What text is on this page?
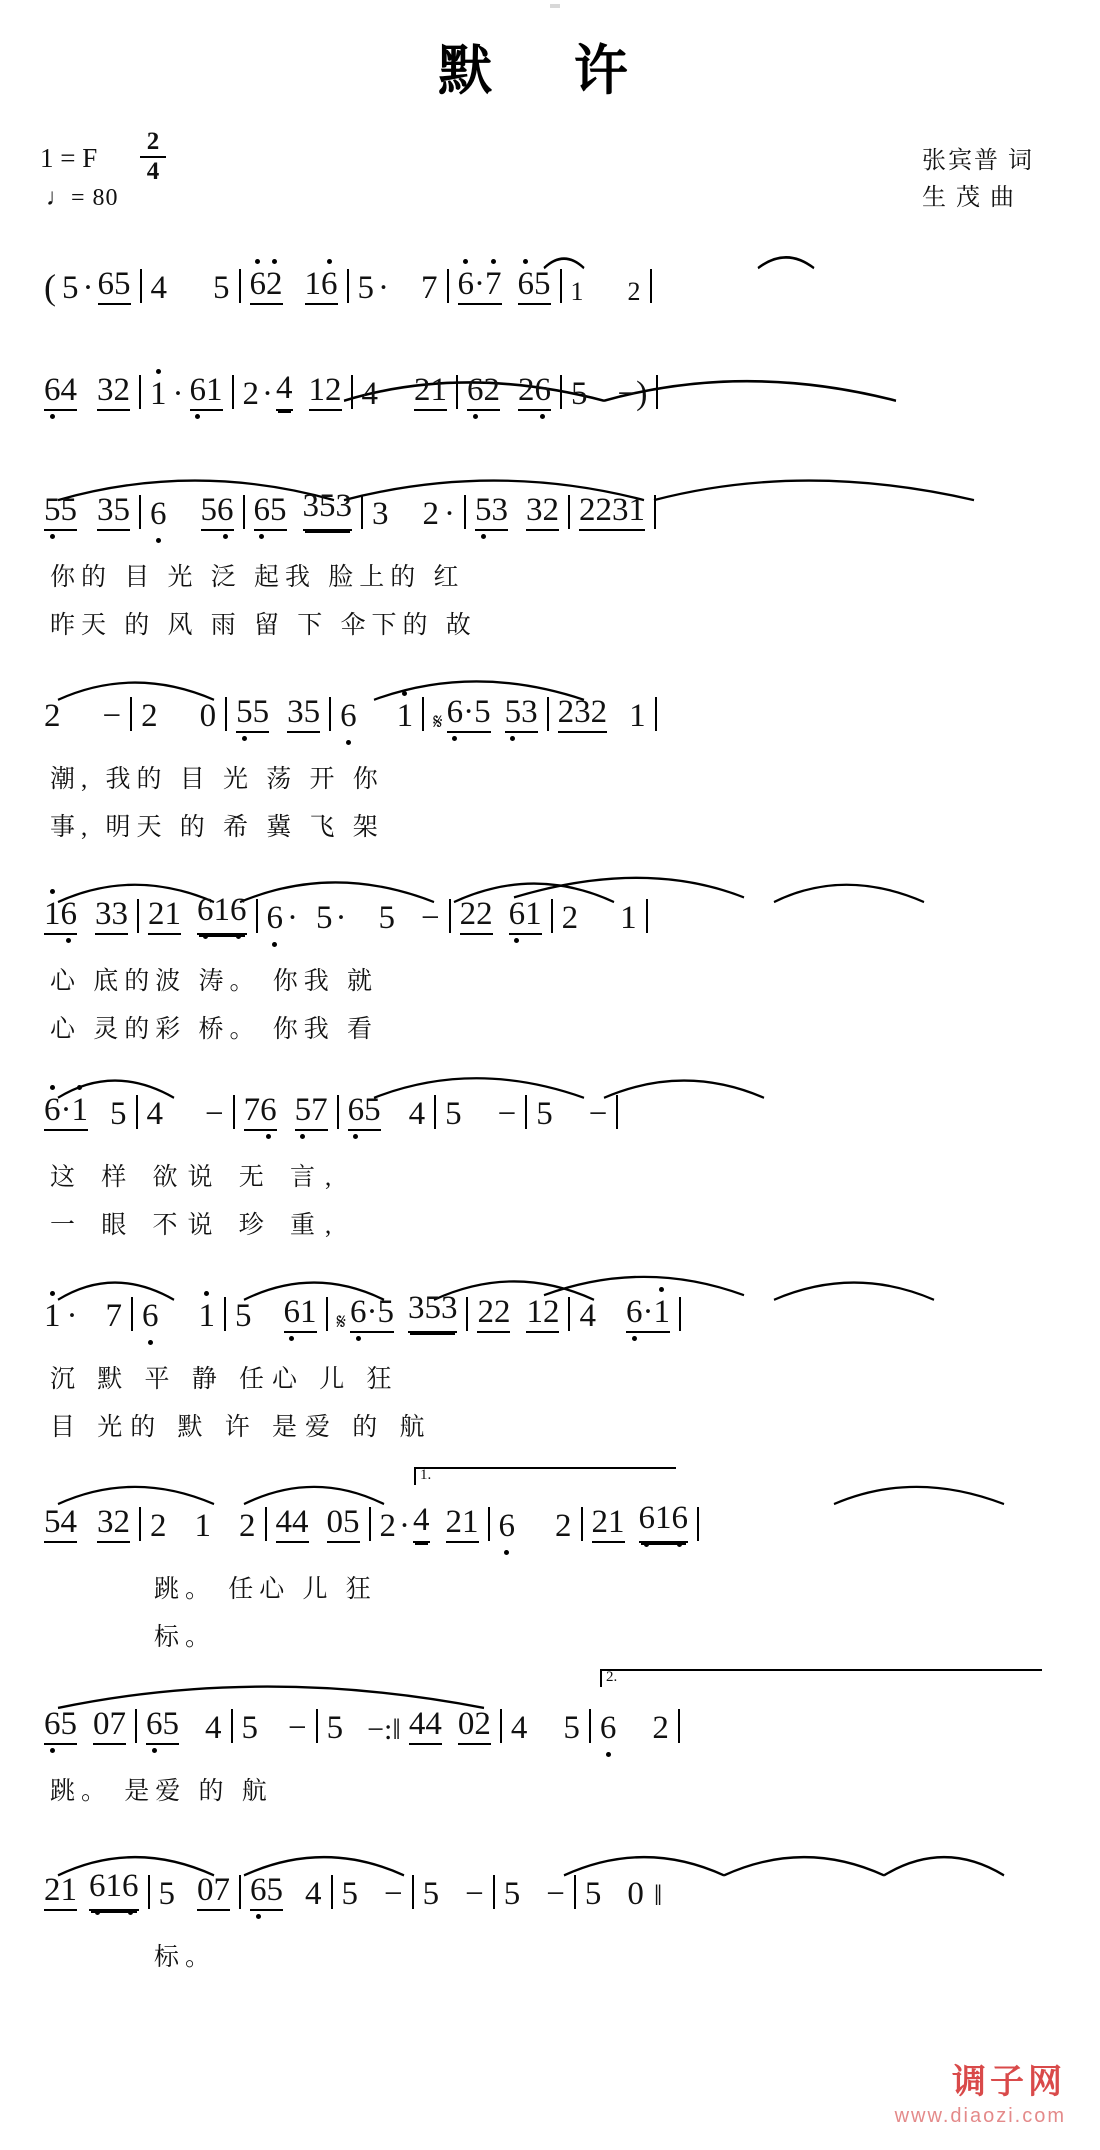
默 许
1 = F
2
4
♩= 80
张宾普 词
生 茂 曲
( 5 · 65 4 5 62 16 5 · 7 6·7 65 1 2
64 32 1 · 61 2 · 4 12 4 21 62 26 5 − )
55 35 6 56 65 353 3 2 · 53 32 2231
你的 目 光 泛 起我 脸上的 红
昨天 的 风 雨 留 下 伞下的 故
2 − 2 0 55 35 6 1 𝄋 6·5 53 232 1
潮, 我的 目 光 荡 开 你
事, 明天 的 希 冀 飞 架
16 33 21 616 6 · 5 · 5 − 22 61 2 1
心 底的波 涛。 你我 就
心 灵的彩 桥。 你我 看
6·1 5 4 − 76 57 65 4 5 − 5 −
这 样 欲说 无 言,
一 眼 不说 珍 重,
1 · 7 6 1 5 61 𝄋 6·5 353 22 12 4 6·1
沉 默 平 静 任心 儿 狂
目 光的 默 许 是爱 的 航
1.
54 32 2 1 2 44 05 2 · 4 21 6 2 21 616
跳。 任心 儿 狂
标。
2.
65 07 65 4 5 − 5 −:‖ 44 02 4 5 6 2
跳。 是爱 的 航
21 616 5 07 65 4 5 − 5 − 5 − 5 0 ‖
标。
调子网
www.diaozi.com
